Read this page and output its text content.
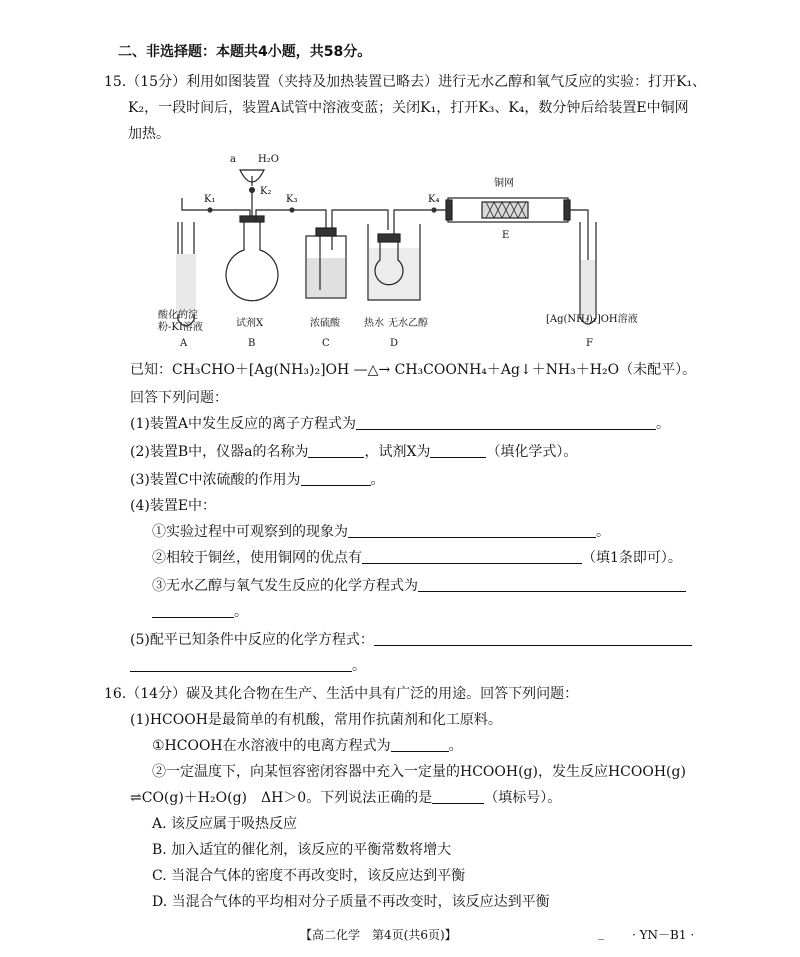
二、非选择题：本题共4小题，共58分。
15.（15分）利用如图装置（夹持及加热装置已略去）进行无水乙醇和氧气反应的实验：打开K₁、
K₂，一段时间后，装置A试管中溶液变蓝；关闭K₁，打开K₃、K₄，数分钟后给装置E中铜网
加热。
a H₂O
K₂
K₁	K₃	K₄
铜网
E
酸化的淀
粉-KI溶液	试剂X	浓硫酸 热水 无水乙醇	[Ag(NH₃)₂]OH溶液
A	B	C	D	F
已知：CH₃CHO＋[Ag(NH₃)₂]OH —△→ CH₃COONH₄＋Ag↓＋NH₃＋H₂O（未配平）。
回答下列问题：
(1)装置A中发生反应的离子方程式为	。
(2)装置B中，仪器a的名称为	，试剂X为	（填化学式）。
(3)装置C中浓硫酸的作用为	。
(4)装置E中：
①实验过程中可观察到的现象为	。
②相较于铜丝，使用铜网的优点有	（填1条即可）。
③无水乙醇与氧气发生反应的化学方程式为
。
(5)配平已知条件中反应的化学方程式：
。
16.（14分）碳及其化合物在生产、生活中具有广泛的用途。回答下列问题：
(1)HCOOH是最简单的有机酸，常用作抗菌剂和化工原料。
①HCOOH在水溶液中的电离方程式为	。
②一定温度下，向某恒容密闭容器中充入一定量的HCOOH(g)，发生反应HCOOH(g)
⇌CO(g)＋H₂O(g)　ΔH＞0。下列说法正确的是	（填标号）。
A. 该反应属于吸热反应
B. 加入适宜的催化剂，该反应的平衡常数将增大
C. 当混合气体的密度不再改变时，该反应达到平衡
D. 当混合气体的平均相对分子质量不再改变时，该反应达到平衡
【高二化学　第4页(共6页)】	_ · YN－B1 ·
